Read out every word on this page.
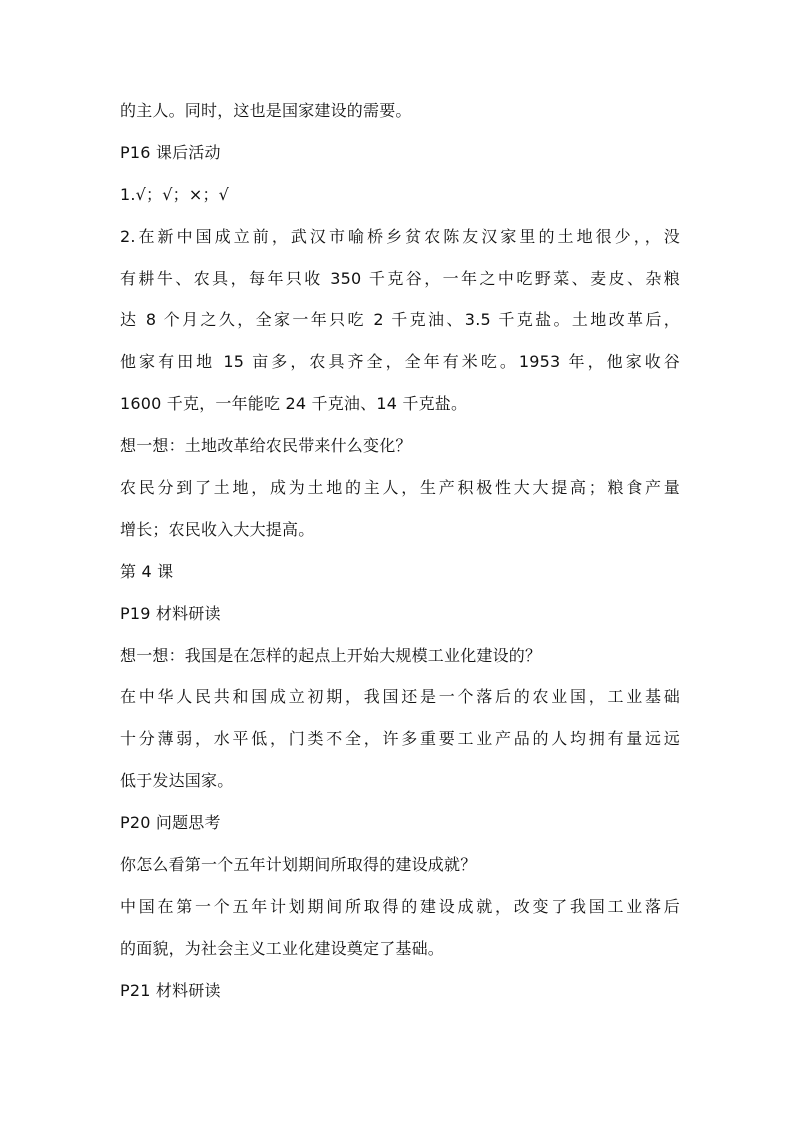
的主人。同时，这也是国家建设的需要。
P16 课后活动
1.√；√；×；√
2.在新中国成立前，武汉市喻桥乡贫农陈友汉家里的土地很少，，没
有耕牛、农具，每年只收 350 千克谷，一年之中吃野菜、麦皮、杂粮
达 8 个月之久，全家一年只吃 2 千克油、3.5 千克盐。土地改革后，
他家有田地 15 亩多，农具齐全，全年有米吃。1953 年，他家收谷
1600 千克，一年能吃 24 千克油、14 千克盐。
想一想：土地改革给农民带来什么变化？
农民分到了土地，成为土地的主人，生产积极性大大提高；粮食产量
增长；农民收入大大提高。
第 4 课
P19 材料研读
想一想：我国是在怎样的起点上开始大规模工业化建设的？
在中华人民共和国成立初期，我国还是一个落后的农业国，工业基础
十分薄弱，水平低，门类不全，许多重要工业产品的人均拥有量远远
低于发达国家。
P20 问题思考
你怎么看第一个五年计划期间所取得的建设成就？
中国在第一个五年计划期间所取得的建设成就，改变了我国工业落后
的面貌，为社会主义工业化建设奠定了基础。
P21 材料研读
